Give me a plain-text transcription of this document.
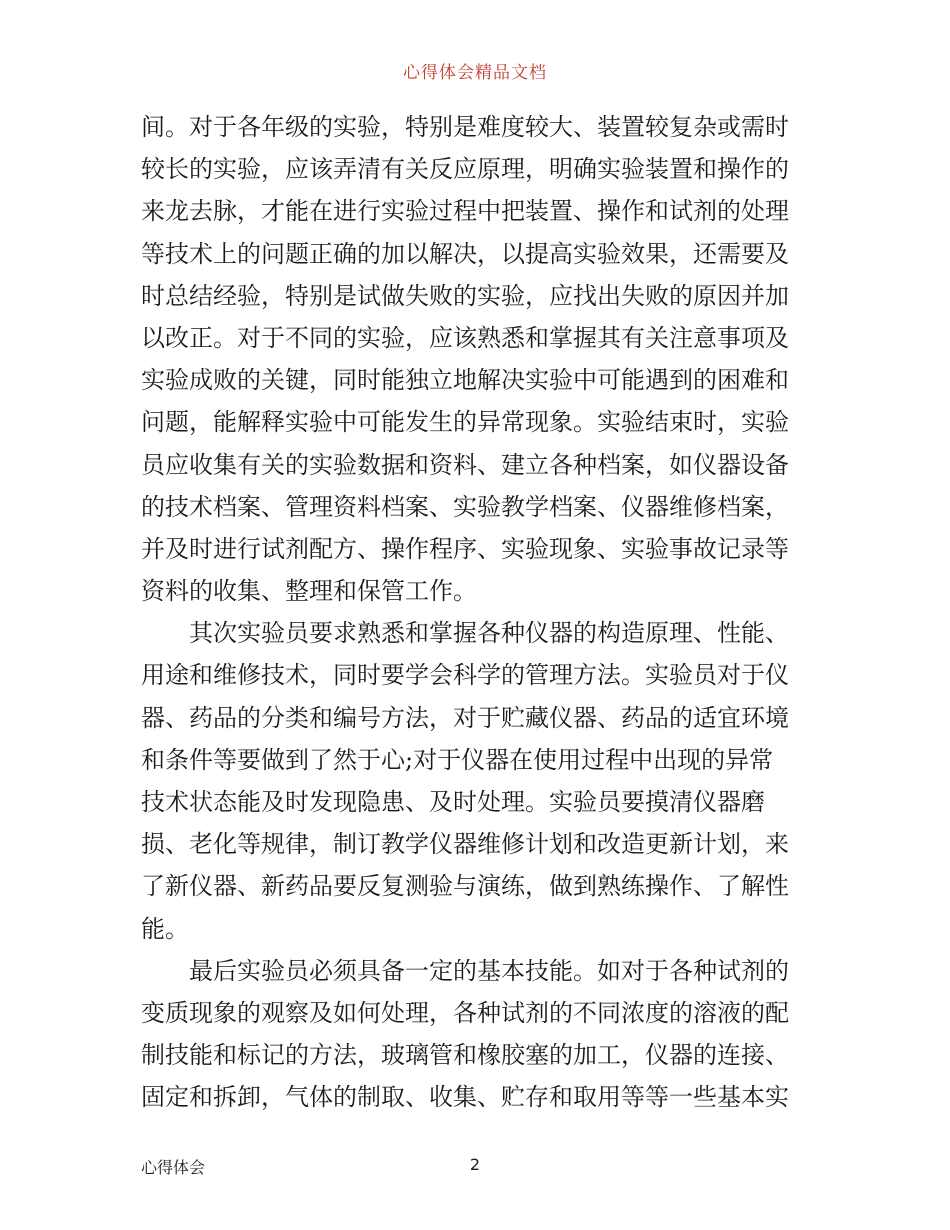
心得体会精品文档
间。对于各年级的实验，特别是难度较大、装置较复杂或需时
较长的实验，应该弄清有关反应原理，明确实验装置和操作的
来龙去脉，才能在进行实验过程中把装置、操作和试剂的处理
等技术上的问题正确的加以解决，以提高实验效果，还需要及
时总结经验，特别是试做失败的实验，应找出失败的原因并加
以改正。对于不同的实验，应该熟悉和掌握其有关注意事项及
实验成败的关键，同时能独立地解决实验中可能遇到的困难和
问题，能解释实验中可能发生的异常现象。实验结束时，实验
员应收集有关的实验数据和资料、建立各种档案，如仪器设备
的技术档案、管理资料档案、实验教学档案、仪器维修档案，
并及时进行试剂配方、操作程序、实验现象、实验事故记录等
资料的收集、整理和保管工作。
　　其次实验员要求熟悉和掌握各种仪器的构造原理、性能、
用途和维修技术，同时要学会科学的管理方法。实验员对于仪
器、药品的分类和编号方法，对于贮藏仪器、药品的适宜环境
和条件等要做到了然于心;对于仪器在使用过程中出现的异常
技术状态能及时发现隐患、及时处理。实验员要摸清仪器磨
损、老化等规律，制订教学仪器维修计划和改造更新计划，来
了新仪器、新药品要反复测验与演练，做到熟练操作、了解性
能。
　　最后实验员必须具备一定的基本技能。如对于各种试剂的
变质现象的观察及如何处理，各种试剂的不同浓度的溶液的配
制技能和标记的方法，玻璃管和橡胶塞的加工，仪器的连接、
固定和拆卸，气体的制取、收集、贮存和取用等等一些基本实
心得体会	2
